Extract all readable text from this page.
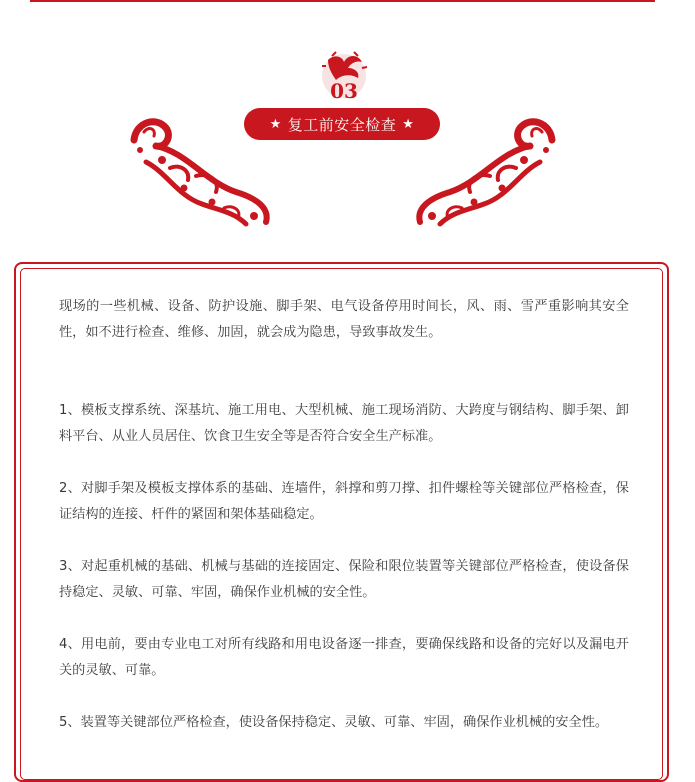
03
★ 复工前安全检查 ★

现场的一些机械、设备、防护设施、脚手架、电气设备停用时间长，风、雨、雪严重影响其安全性，如不进行检查、维修、加固，就会成为隐患，导致事故发生。

1、模板支撑系统、深基坑、施工用电、大型机械、施工现场消防、大跨度与钢结构、脚手架、卸料平台、从业人员居住、饮食卫生安全等是否符合安全生产标准。

2、对脚手架及模板支撑体系的基础、连墙件，斜撑和剪刀撑、扣件螺栓等关键部位严格检查，保证结构的连接、杆件的紧固和架体基础稳定。

3、对起重机械的基础、机械与基础的连接固定、保险和限位装置等关键部位严格检查，使设备保持稳定、灵敏、可靠、牢固，确保作业机械的安全性。

4、用电前，要由专业电工对所有线路和用电设备逐一排查，要确保线路和设备的完好以及漏电开关的灵敏、可靠。

5、装置等关键部位严格检查，使设备保持稳定、灵敏、可靠、牢固，确保作业机械的安全性。
